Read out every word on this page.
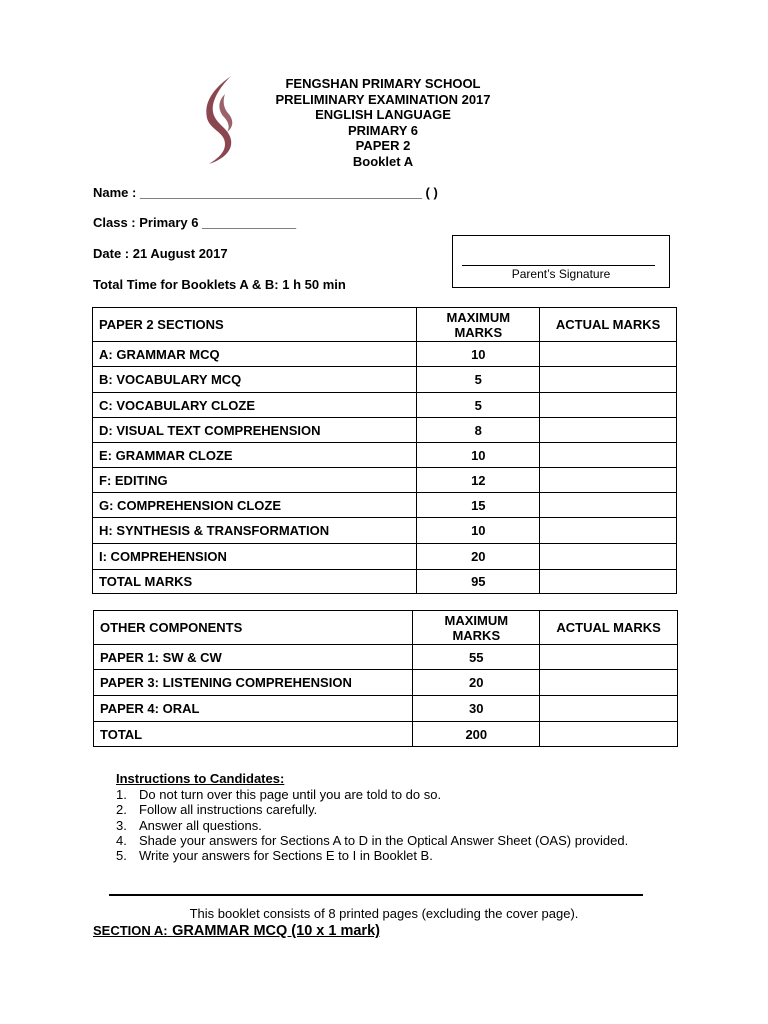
FENGSHAN PRIMARY SCHOOL
PRELIMINARY EXAMINATION 2017
ENGLISH LANGUAGE
PRIMARY 6
PAPER 2
Booklet A
Name : _______________________________________ ( )
Class : Primary 6 _____________
Date : 21 August 2017
Total Time for Booklets A & B: 1 h 50 min
Parent’s Signature
PAPER 2 SECTIONS	MAXIMUM MARKS	ACTUAL MARKS
A: GRAMMAR MCQ	10	
B: VOCABULARY MCQ	5	
C: VOCABULARY CLOZE	5	
D: VISUAL TEXT COMPREHENSION	8	
E: GRAMMAR CLOZE	10	
F: EDITING	12	
G: COMPREHENSION CLOZE	15	
H: SYNTHESIS & TRANSFORMATION	10	
I: COMPREHENSION	20	
TOTAL MARKS	95	
OTHER COMPONENTS	MAXIMUM MARKS	ACTUAL MARKS
PAPER 1: SW & CW	55	
PAPER 3: LISTENING COMPREHENSION	20	
PAPER 4: ORAL	30	
TOTAL	200	
Instructions to Candidates:
1. Do not turn over this page until you are told to do so.
2. Follow all instructions carefully.
3. Answer all questions.
4. Shade your answers for Sections A to D in the Optical Answer Sheet (OAS) provided.
5. Write your answers for Sections E to I in Booklet B.
This booklet consists of 8 printed pages (excluding the cover page).
SECTION A: GRAMMAR MCQ (10 x 1 mark)
